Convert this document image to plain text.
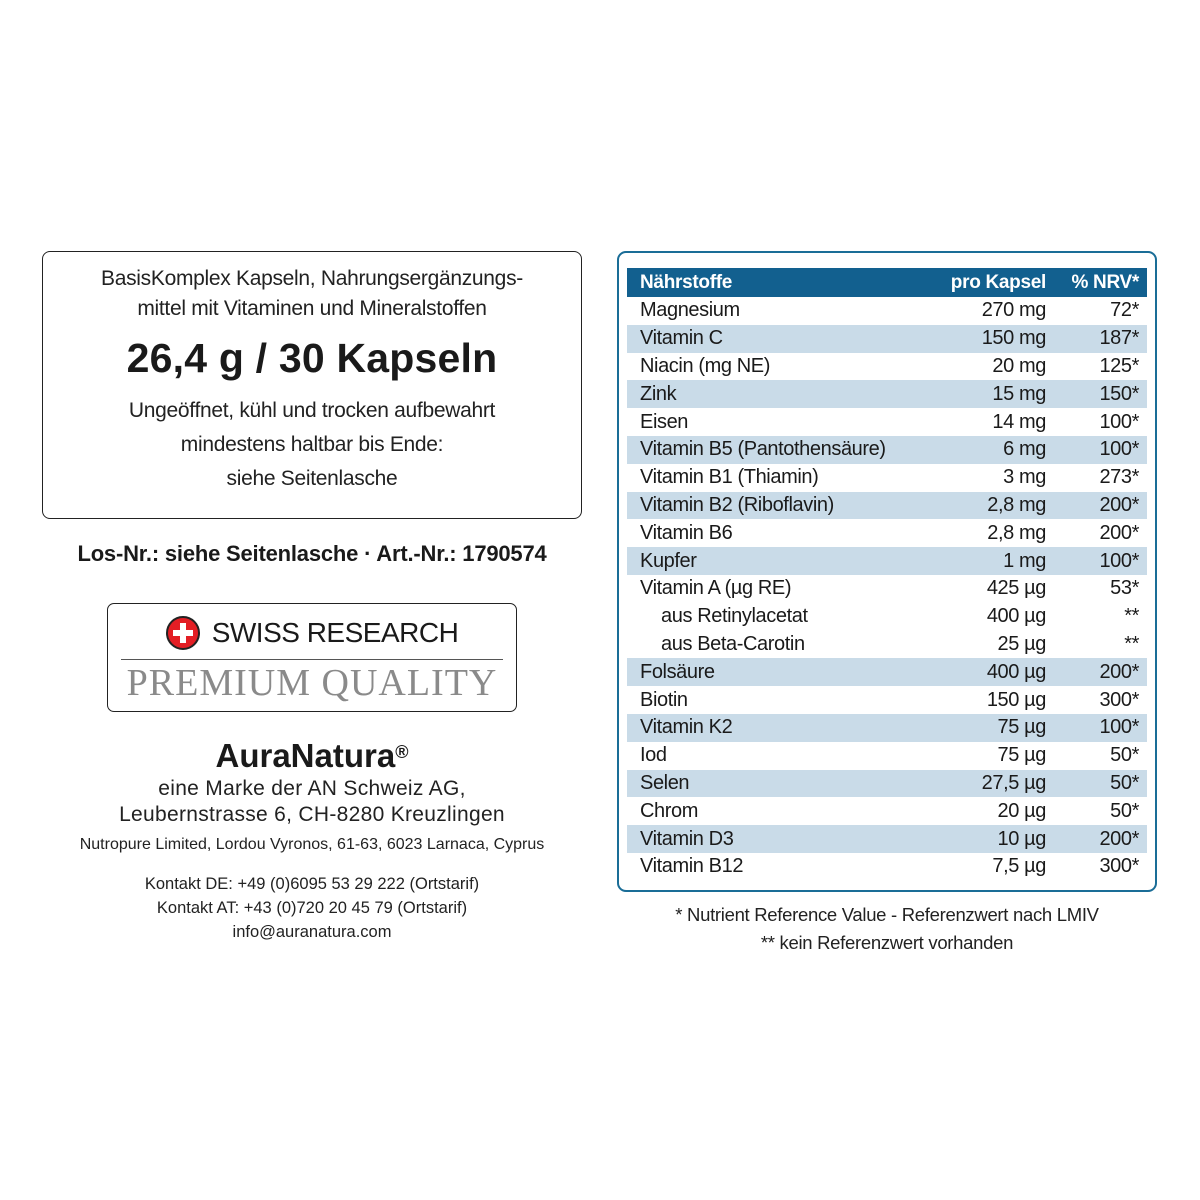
BasisKomplex Kapseln, Nahrungsergänzungs-
mittel mit Vitaminen und Mineralstoffen
26,4 g / 30 Kapseln
Ungeöffnet, kühl und trocken aufbewahrt
mindestens haltbar bis Ende:
siehe Seitenlasche
Los-Nr.: siehe Seitenlasche · Art.-Nr.: 1790574
SWISS RESEARCH
PREMIUM QUALITY
AuraNatura®
eine Marke der AN Schweiz AG,
Leubernstrasse 6, CH-8280 Kreuzlingen
Nutropure Limited, Lordou Vyronos, 61-63, 6023 Larnaca, Cyprus
Kontakt DE: +49 (0)6095 53 29 222 (Ortstarif)
Kontakt AT: +43 (0)720 20 45 79 (Ortstarif)
info@auranatura.com
Nährstoffe	pro Kapsel	% NRV*
Magnesium	270 mg	72*
Vitamin C	150 mg	187*
Niacin (mg NE)	20 mg	125*
Zink	15 mg	150*
Eisen	14 mg	100*
Vitamin B5 (Pantothensäure)	6 mg	100*
Vitamin B1 (Thiamin)	3 mg	273*
Vitamin B2 (Riboflavin)	2,8 mg	200*
Vitamin B6	2,8 mg	200*
Kupfer	1 mg	100*
Vitamin A (µg RE)	425 µg	53*
aus Retinylacetat	400 µg	**
aus Beta-Carotin	25 µg	**
Folsäure	400 µg	200*
Biotin	150 µg	300*
Vitamin K2	75 µg	100*
Iod	75 µg	50*
Selen	27,5 µg	50*
Chrom	20 µg	50*
Vitamin D3	10 µg	200*
Vitamin B12	7,5 µg	300*
* Nutrient Reference Value - Referenzwert nach LMIV
** kein Referenzwert vorhanden
